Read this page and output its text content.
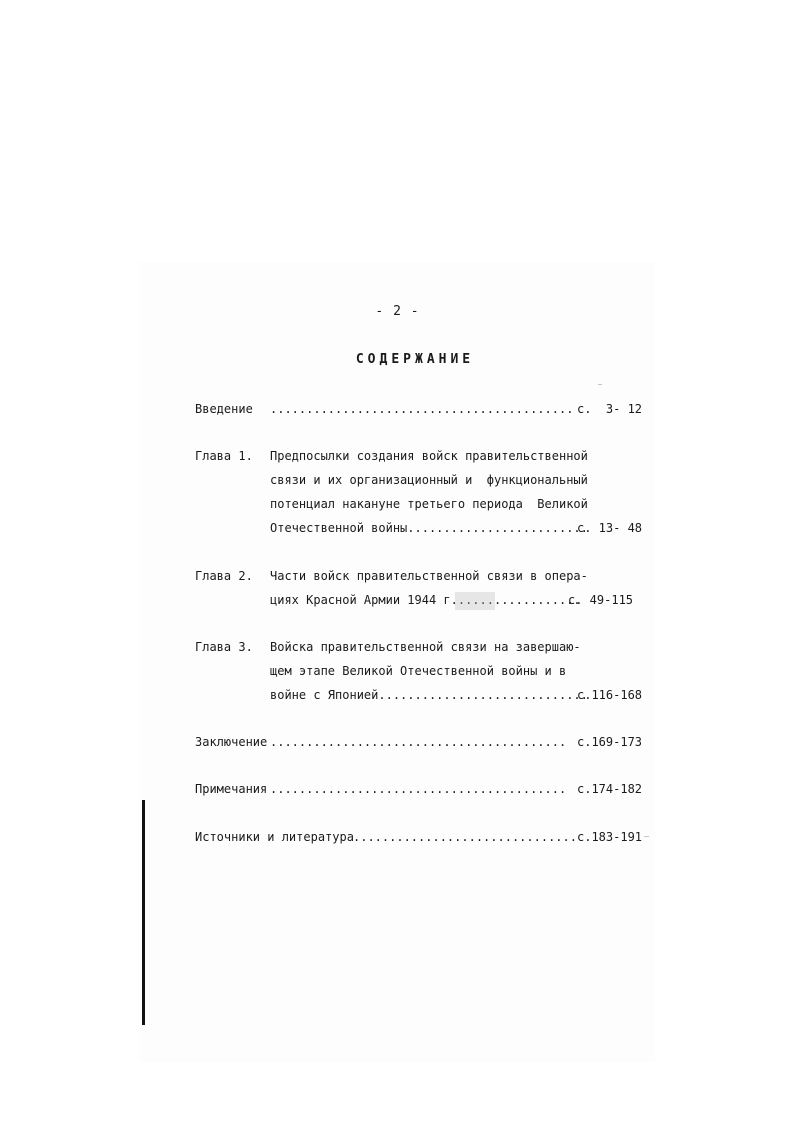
- 2 -
СОДЕРЖАНИЕ

Введение

..........................................

с.  3- 12

Глава 1.

Предпосылки создания войск правительственной

связи и их организационный и  функциональный

потенциал накануне третьего периода  Великой

Отечественной войны.........................

с. 13- 48

Глава 2.

Части войск правительственной связи в опера-

циях Красной Армии 1944 г..................

с. 49-115

Глава 3.

Войска правительственной связи на завершаю-

щем этапе Великой Отечественной войны и в

войне с Японией.............................

с.116-168

Заключение

.........................................

с.169-173

Примечания

.........................................

с.174-182

Источники и литература

...............................

с.183-191
